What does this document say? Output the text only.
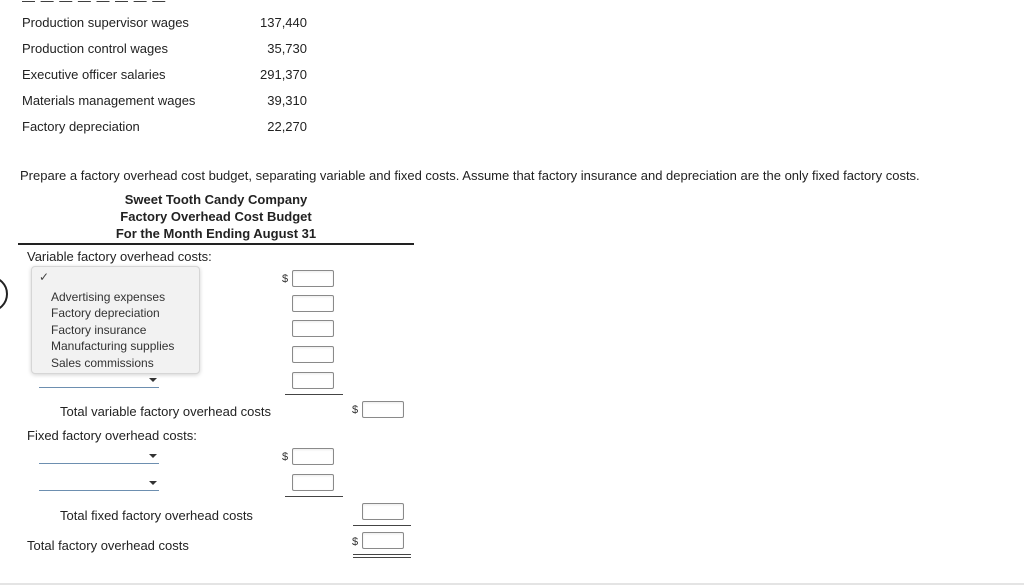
— — — — — — — —
Production supervisor wages	137,440
Production control wages	35,730
Executive officer salaries	291,370
Materials management wages	39,310
Factory depreciation	22,270
Prepare a factory overhead cost budget, separating variable and fixed costs. Assume that factory insurance and depreciation are the only fixed factory costs.
Sweet Tooth Candy Company
Factory Overhead Cost Budget
For the Month Ending August 31
Variable factory overhead costs:
$
✓
Advertising expenses
Factory depreciation
Factory insurance
Manufacturing supplies
Sales commissions
Total variable factory overhead costs	$
Fixed factory overhead costs:
$
Total fixed factory overhead costs
Total factory overhead costs	$
